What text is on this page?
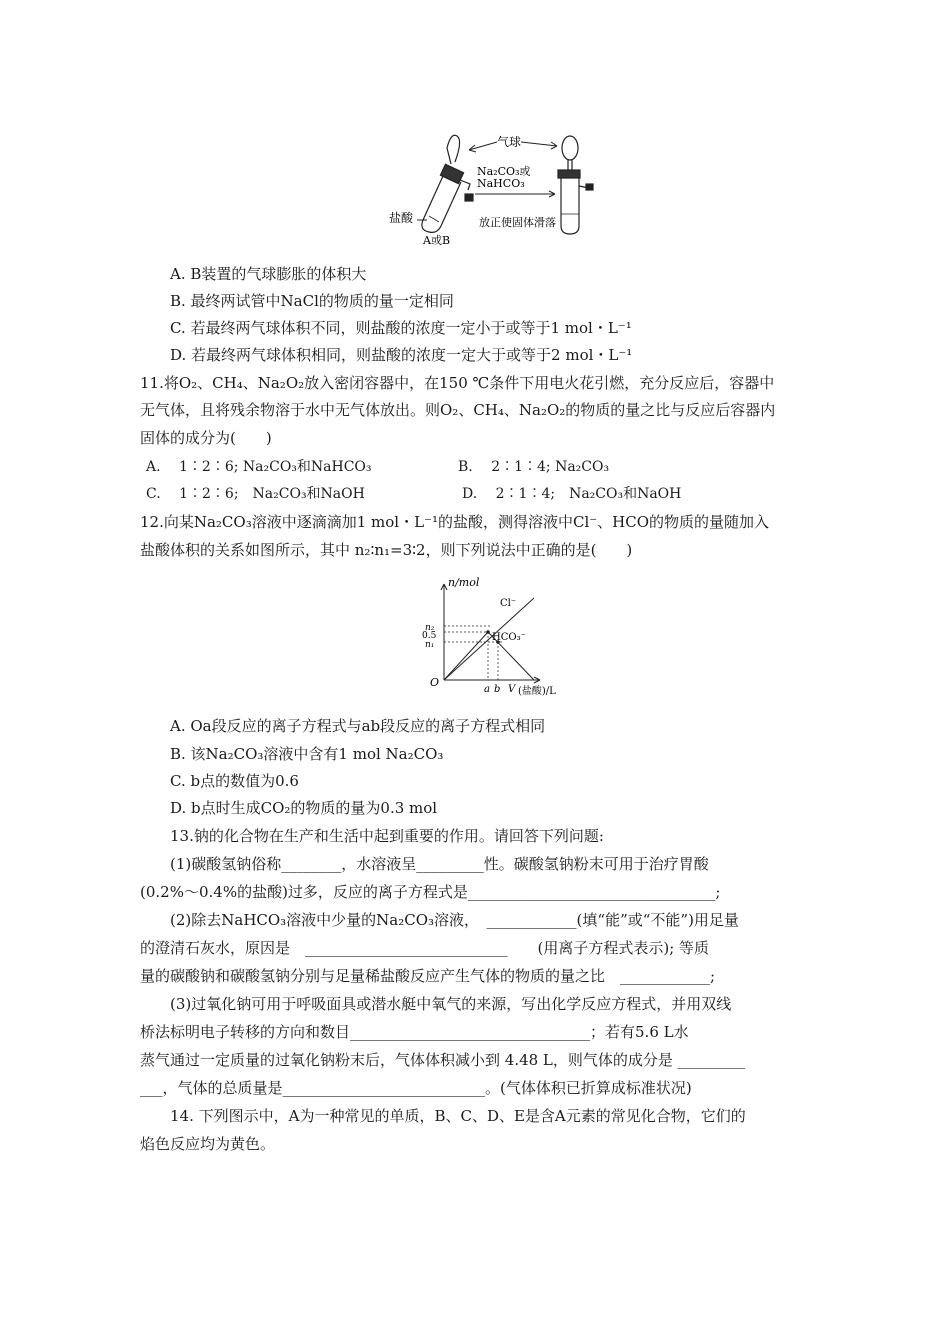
气球
Na₂CO₃或
NaHCO₃
盐酸
A或B
放正使固体滑落
A. B装置的气球膨胀的体积大
B. 最终两试管中NaCl的物质的量一定相同
C. 若最终两气球体积不同，则盐酸的浓度一定小于或等于1 mol・L⁻¹
D. 若最终两气球体积相同，则盐酸的浓度一定大于或等于2 mol・L⁻¹
11.将O₂、CH₄、Na₂O₂放入密闭容器中，在150 ℃条件下用电火花引燃，充分反应后，容器中
无气体，且将残余物溶于水中无气体放出。则O₂、CH₄、Na₂O₂的物质的量之比与反应后容器内
固体的成分为(　　)
A.　 1∶2∶6; Na₂CO₃和NaHCO₃	B.　 2∶1∶4; Na₂CO₃
C.　 1∶2∶6;　Na₂CO₃和NaOH	D.　 2∶1∶4;　Na₂CO₃和NaOH
12.向某Na₂CO₃溶液中逐滴滴加1 mol・L⁻¹的盐酸，测得溶液中Cl⁻、HCO的物质的量随加入
盐酸体积的关系如图所示，其中 n₂∶n₁=3∶2，则下列说法中正确的是(　　)
n/mol
O
a b V (盐酸)/L
n₂
0.5
n₁
Cl⁻
HCO₃⁻
A. Oa段反应的离子方程式与ab段反应的离子方程式相同
B. 该Na₂CO₃溶液中含有1 mol Na₂CO₃
C. b点的数值为0.6
D. b点时生成CO₂的物质的量为0.3 mol
13.钠的化合物在生产和生活中起到重要的作用。请回答下列问题:
(1)碳酸氢钠俗称________，水溶液呈_________性。碳酸氢钠粉末可用于治疗胃酸
(0.2%～0.4%的盐酸)过多，反应的离子方程式是_________________________________;
(2)除去NaHCO₃溶液中少量的Na₂CO₃溶液，　____________(填“能”或“不能”)用足量
的澄清石灰水，原因是　___________________________　　(用离子方程式表示); 等质
量的碳酸钠和碳酸氢钠分别与足量稀盐酸反应产生气体的物质的量之比　____________;
(3)过氧化钠可用于呼吸面具或潜水艇中氧气的来源，写出化学反应方程式，并用双线
桥法标明电子转移的方向和数目________________________________；若有5.6 L水
蒸气通过一定质量的过氧化钠粉末后，气体体积减小到 4.48 L，则气体的成分是 _________
___，气体的总质量是___________________________。(气体体积已折算成标准状况)
14. 下列图示中，A为一种常见的单质，B、C、D、E是含A元素的常见化合物，它们的
焰色反应均为黄色。
